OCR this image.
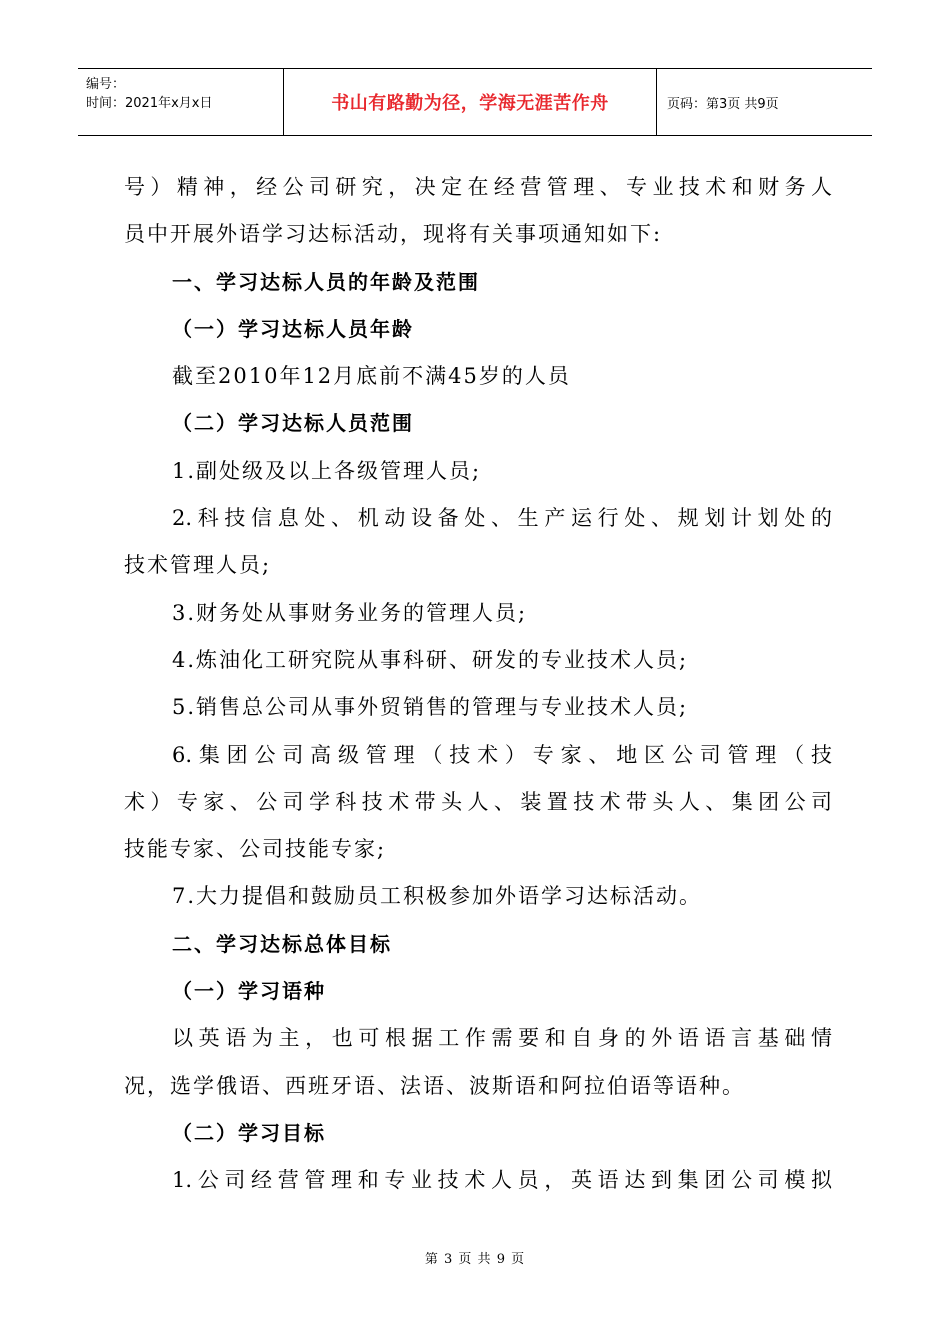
编号：
时间：2021年x月x日	书山有路勤为径，学海无涯苦作舟	页码：第3页 共9页
号）精神，经公司研究，决定在经营管理、专业技术和财务人
员中开展外语学习达标活动，现将有关事项通知如下:
一、学习达标人员的年龄及范围
（一）学习达标人员年龄
截至2010年12月底前不满45岁的人员
（二）学习达标人员范围
1.副处级及以上各级管理人员;
2.科技信息处、机动设备处、生产运行处、规划计划处的
技术管理人员;
3.财务处从事财务业务的管理人员;
4.炼油化工研究院从事科研、研发的专业技术人员;
5.销售总公司从事外贸销售的管理与专业技术人员;
6.集团公司高级管理（技术）专家、地区公司管理（技
术）专家、公司学科技术带头人、装置技术带头人、集团公司
技能专家、公司技能专家;
7.大力提倡和鼓励员工积极参加外语学习达标活动。
二、学习达标总体目标
（一）学习语种
以英语为主，也可根据工作需要和自身的外语语言基础情
况，选学俄语、西班牙语、法语、波斯语和阿拉伯语等语种。
（二）学习目标
1.公司经营管理和专业技术人员，英语达到集团公司模拟
第 3 页 共 9 页
